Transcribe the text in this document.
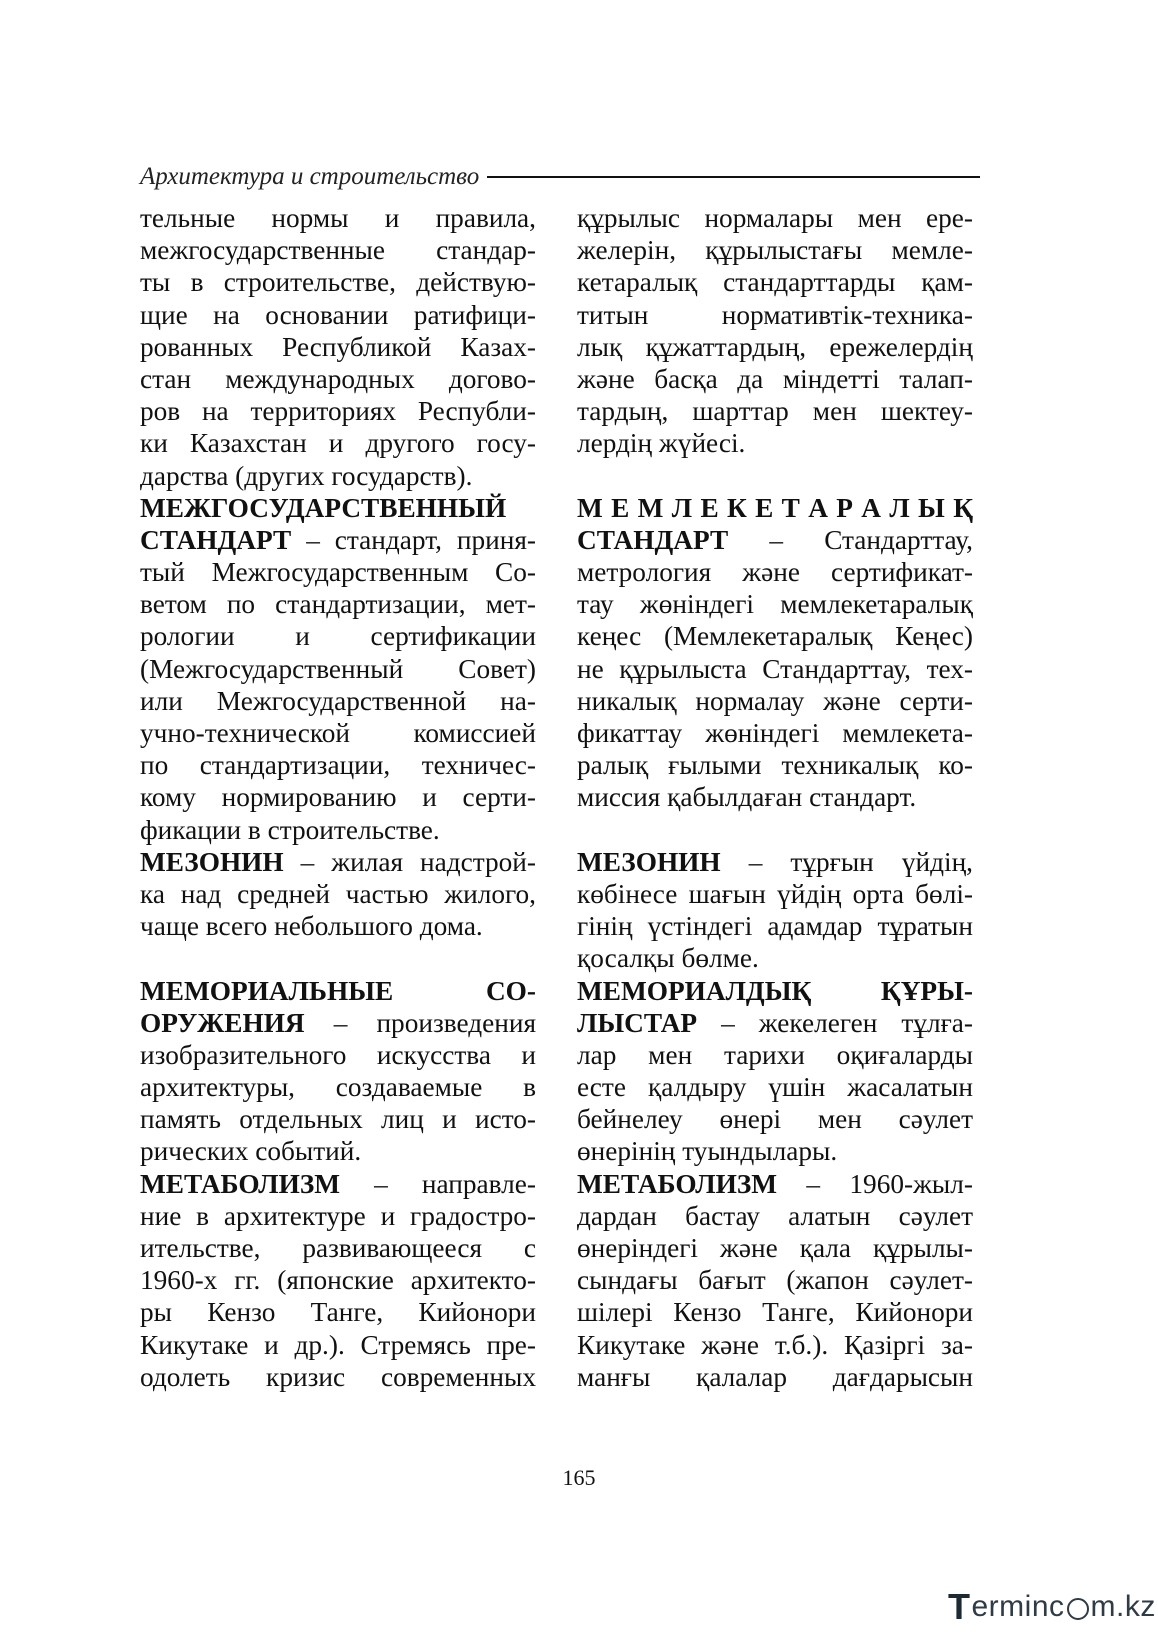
Архитектура и строительство
тельные нормы и правила,
межгосударственные стандар-
ты в строительстве, действую-
щие на основании ратифици-
рованных Республикой Казах-
стан международных догово-
ров на территориях Республи-
ки Казахстан и другого госу-
дарства (других государств).
МЕЖГОСУДАРСТВЕННЫЙ
СТАНДАРТ – стандарт, приня-
тый Межгосударственным Со-
ветом по стандартизации, мет-
рологии и сертификации
(Межгосударственный Совет)
или Межгосударственной на-
учно-технической комиссией
по стандартизации, техничес-
кому нормированию и серти-
фикации в строительстве.
МЕЗОНИН – жилая надстрой-
ка над средней частью жилого,
чаще всего небольшого дома.
МЕМОРИАЛЬНЫЕ СО-
ОРУЖЕНИЯ – произведения
изобразительного искусства и
архитектуры, создаваемые в
память отдельных лиц и исто-
рических событий.
МЕТАБОЛИЗМ – направле-
ние в архитектуре и градостро-
ительстве, развивающееся с
1960-х гг. (японские архитекто-
ры Кензо Танге, Кийонори
Кикутаке и др.). Стремясь пре-
одолеть кризис современных
құрылыс нормалары мен ере-
желерін, құрылыстағы мемле-
кетаралық стандарттарды қам-
титын нормативтік-техника-
лық құжаттардың, ережелердің
және басқа да міндетті талап-
тардың, шарттар мен шектеу-
лердің жүйесі.
М Е М Л Е К Е Т А Р А Л Ы Қ
СТАНДАРТ – Стандарттау,
метрология және сертификат-
тау жөніндегі мемлекетаралық
кеңес (Мемлекетаралық Кеңес)
не құрылыста Стандарттау, тех-
никалық нормалау және серти-
фикаттау жөніндегі мемлекета-
ралық ғылыми техникалық ко-
миссия қабылдаған стандарт.
МЕЗОНИН – тұрғын үйдің,
көбінесе шағын үйдің орта бөлі-
гінің үстіндегі адамдар тұратын
қосалқы бөлме.
МЕМОРИАЛДЫҚ ҚҰРЫ-
ЛЫСТАР – жекелеген тұлға-
лар мен тарихи оқиғаларды
есте қалдыру үшін жасалатын
бейнелеу өнері мен сәулет
өнерінің туындылары.
МЕТАБОЛИЗМ – 1960-жыл-
дардан бастау алатын сәулет
өнеріндегі және қала құрылы-
сындағы бағыт (жапон сәулет-
шілері Кензо Танге, Кийонори
Кикутаке және т.б.). Қазіргі за-
манғы қалалар дағдарысын
165
T ermin c m.kz
